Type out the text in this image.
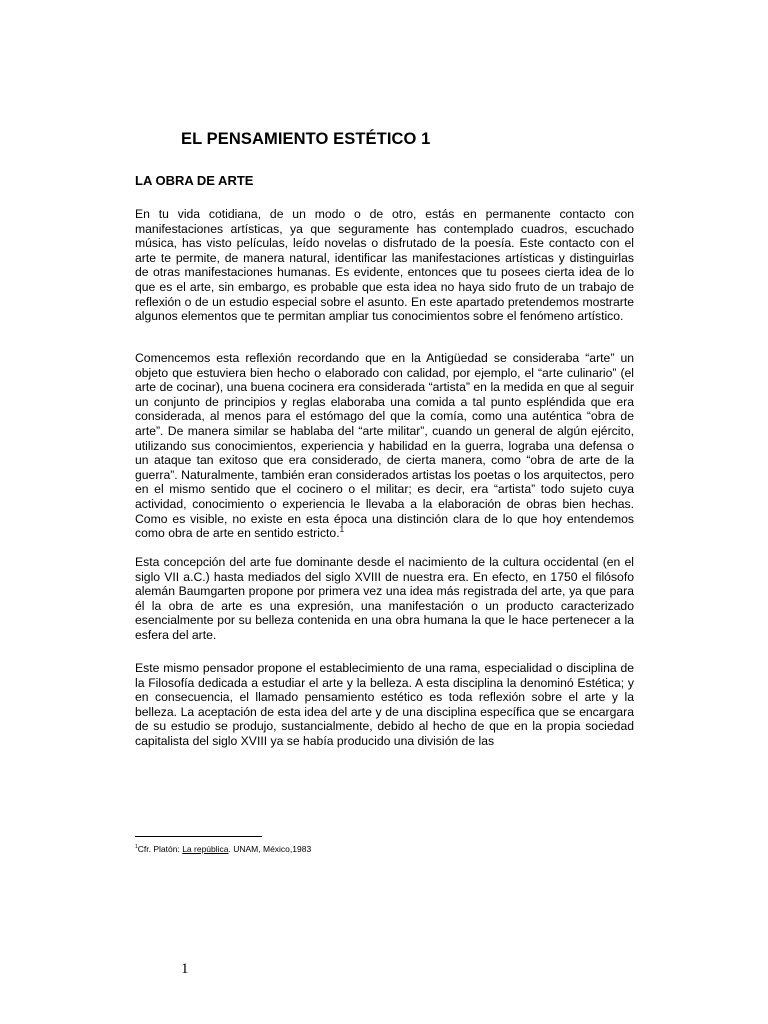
EL PENSAMIENTO ESTÉTICO 1
LA OBRA DE ARTE

En tu vida cotidiana, de un modo o de otro, estás en permanente contacto con manifestaciones artísticas, ya que seguramente has contemplado cuadros, escuchado música, has visto películas, leído novelas o disfrutado de la poesía. Este contacto con el arte te permite, de manera natural, identificar las manifestaciones artísticas y distinguirlas de otras manifestaciones humanas. Es evidente, entonces que tu posees cierta idea de lo que es el arte, sin embargo, es probable que esta idea no haya sido fruto de un trabajo de reflexión o de un estudio especial sobre el asunto. En este apartado pretendemos mostrarte algunos elementos que te permitan ampliar tus conocimientos sobre el fenómeno artístico.

Comencemos esta reflexión recordando que en la Antigüedad se consideraba “arte” un objeto que estuviera bien hecho o elaborado con calidad, por ejemplo, el “arte culinario” (el arte de cocinar), una buena cocinera era considerada “artista” en la medida en que al seguir un conjunto de principios y reglas elaboraba una comida a tal punto espléndida que era considerada, al menos para el estómago del que la comía, como una auténtica “obra de arte”. De manera similar se hablaba del “arte militar”, cuando un general de algún ejército, utilizando sus conocimientos, experiencia y habilidad en la guerra, lograba una defensa o un ataque tan exitoso que era considerado, de cierta manera, como “obra de arte de la guerra”. Naturalmente, también eran considerados artistas los poetas o los arquitectos, pero en el mismo sentido que el cocinero o el militar; es decir, era “artista” todo sujeto cuya actividad, conocimiento o experiencia le llevaba a la elaboración de obras bien hechas. Como es visible, no existe en esta época una distinción clara de lo que hoy entendemos como obra de arte en sentido estricto.$^1$

Esta concepción del arte fue dominante desde el nacimiento de la cultura occidental (en el siglo VII a.C.) hasta mediados del siglo XVIII de nuestra era. En efecto, en 1750 el filósofo alemán Baumgarten propone por primera vez una idea más registrada del arte, ya que para él la obra de arte es una expresión, una manifestación o un producto caracterizado esencialmente por su belleza contenida en una obra humana la que le hace pertenecer a la esfera del arte.

Este mismo pensador propone el establecimiento de una rama, especialidad o disciplina de la Filosofía dedicada a estudiar el arte y la belleza. A esta disciplina la denominó Estética; y en consecuencia, el llamado pensamiento estético es toda reflexión sobre el arte y la belleza. La aceptación de esta idea del arte y de una disciplina específica que se encargara de su estudio se produjo, sustancialmente, debido al hecho de que en la propia sociedad capitalista del siglo XVIII ya se había producido una división de las

$^1$Cfr. Platón: La república. UNAM, México,1983

1
